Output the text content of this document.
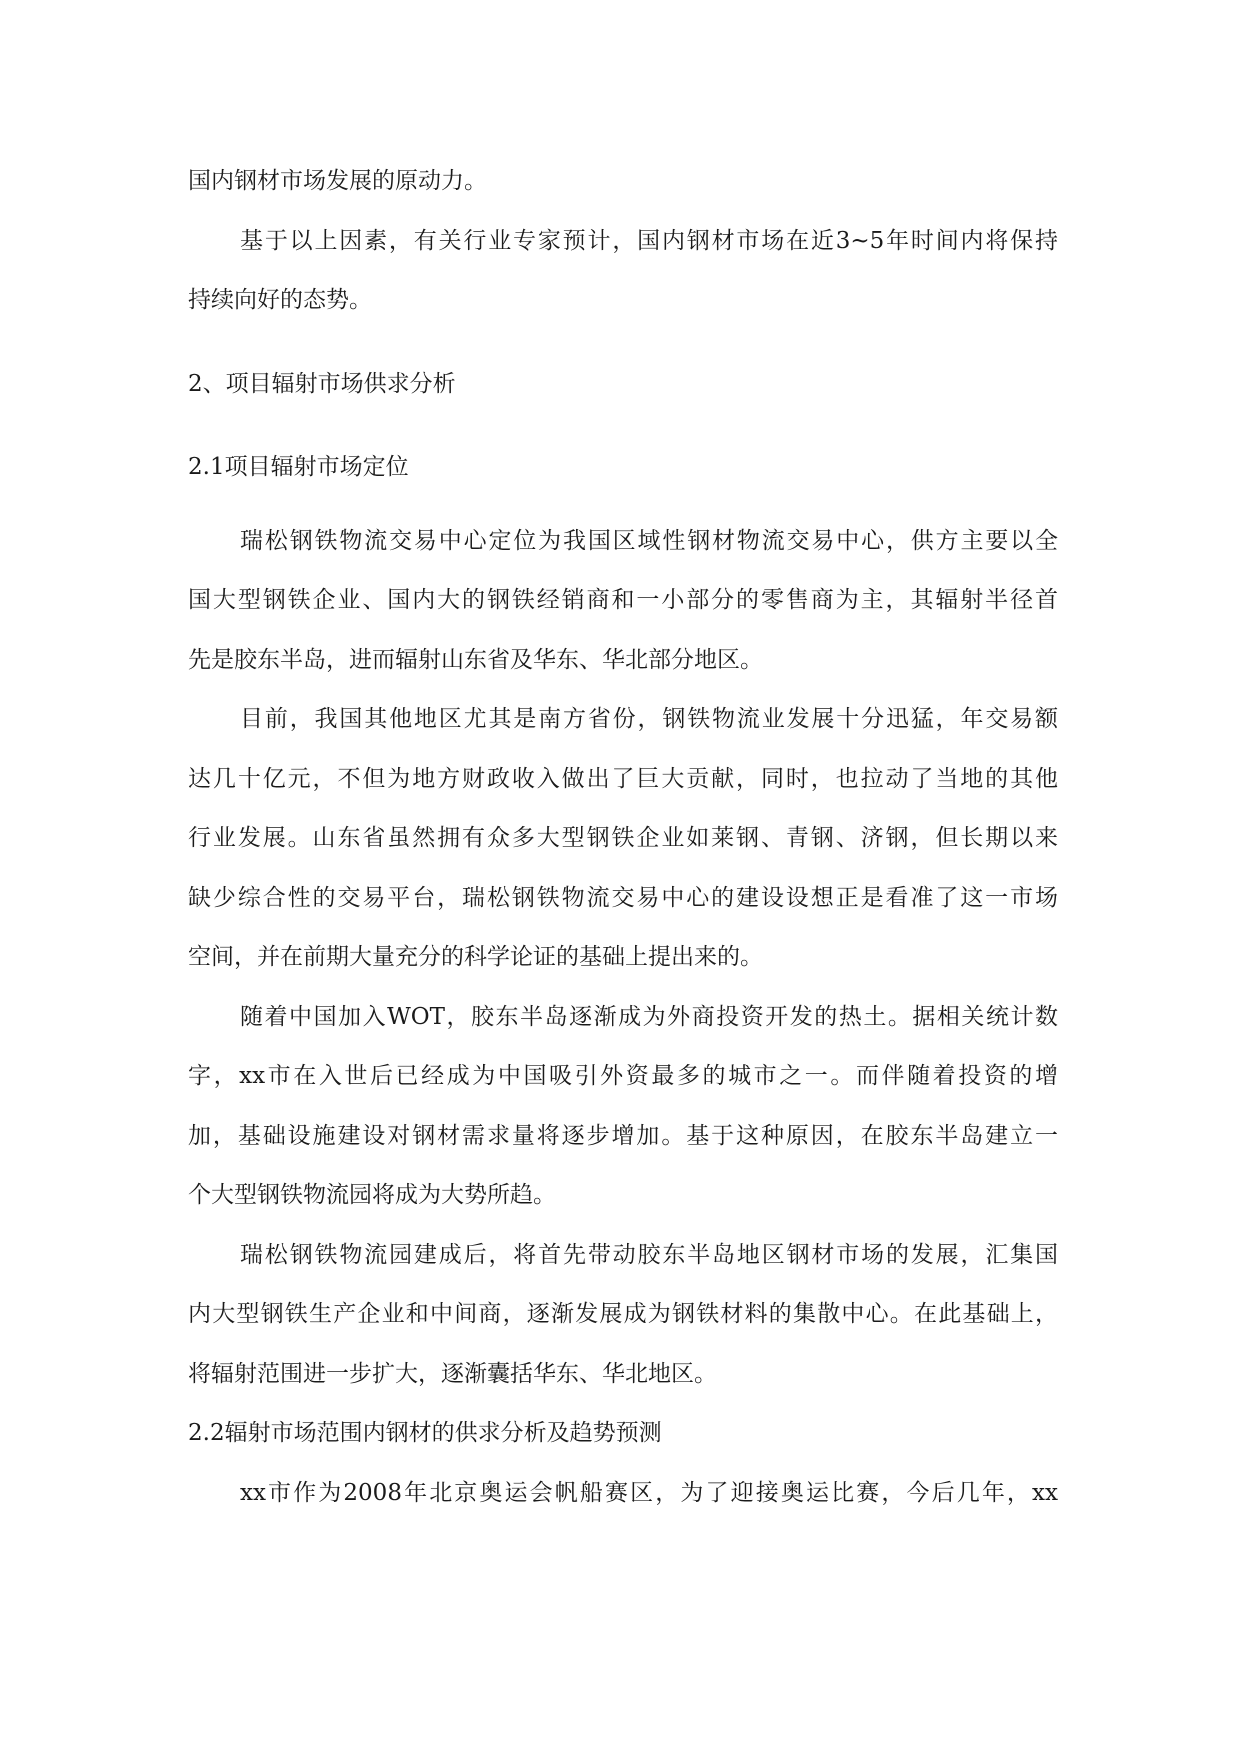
国内钢材市场发展的原动力。
基于以上因素，有关行业专家预计，国内钢材市场在近3~5年时间内将保持
持续向好的态势。
2、项目辐射市场供求分析
2.1项目辐射市场定位
瑞松钢铁物流交易中心定位为我国区域性钢材物流交易中心，供方主要以全
国大型钢铁企业、国内大的钢铁经销商和一小部分的零售商为主，其辐射半径首
先是胶东半岛，进而辐射山东省及华东、华北部分地区。
目前，我国其他地区尤其是南方省份，钢铁物流业发展十分迅猛，年交易额
达几十亿元，不但为地方财政收入做出了巨大贡献，同时，也拉动了当地的其他
行业发展。山东省虽然拥有众多大型钢铁企业如莱钢、青钢、济钢，但长期以来
缺少综合性的交易平台，瑞松钢铁物流交易中心的建设设想正是看准了这一市场
空间，并在前期大量充分的科学论证的基础上提出来的。
随着中国加入WOT，胶东半岛逐渐成为外商投资开发的热土。据相关统计数
字，xx市在入世后已经成为中国吸引外资最多的城市之一。而伴随着投资的增
加，基础设施建设对钢材需求量将逐步增加。基于这种原因，在胶东半岛建立一
个大型钢铁物流园将成为大势所趋。
瑞松钢铁物流园建成后，将首先带动胶东半岛地区钢材市场的发展，汇集国
内大型钢铁生产企业和中间商，逐渐发展成为钢铁材料的集散中心。在此基础上，
将辐射范围进一步扩大，逐渐囊括华东、华北地区。
2.2辐射市场范围内钢材的供求分析及趋势预测
xx市作为2008年北京奥运会帆船赛区，为了迎接奥运比赛，今后几年，xx
